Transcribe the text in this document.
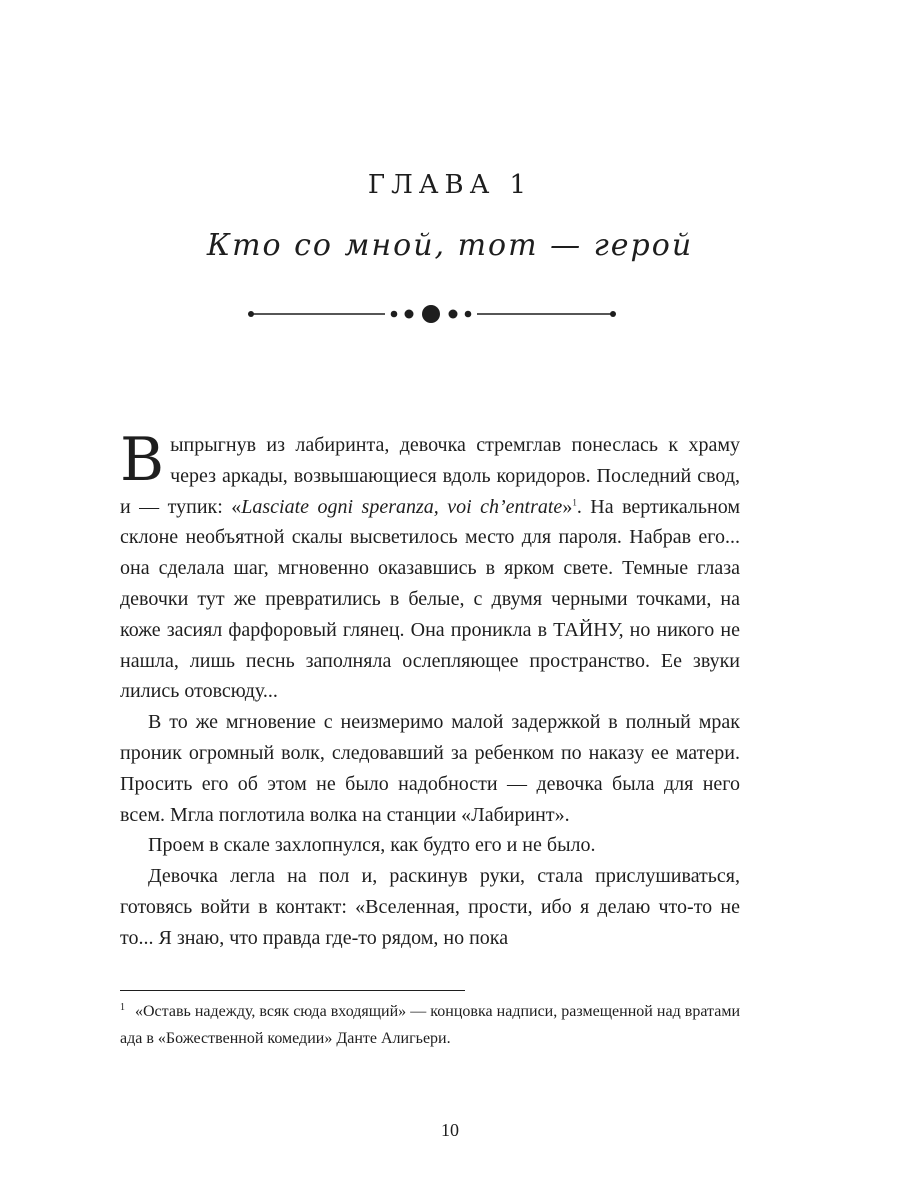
ГЛАВА 1
Кто со мной, тот — герой

Выпрыгнув из лабиринта, девочка стремглав понеслась к храму через аркады, возвышающиеся вдоль коридоров. Последний свод, и — тупик: «Lasciate ogni speranza, voi ch’entrate»$^1$. На вертикальном склоне необъятной скалы высветилось место для пароля. Набрав его... она сделала шаг, мгновенно оказавшись в ярком свете. Темные глаза девочки тут же превратились в белые, с двумя черными точками, на коже засиял фарфоровый глянец. Она проникла в ТАЙНУ, но никого не нашла, лишь песнь заполняла ослепляющее пространство. Ее звуки лились отовсюду...

В то же мгновение с неизмеримо малой задержкой в полный мрак проник огромный волк, следовавший за ребенком по наказу ее матери. Просить его об этом не было надобности — девочка была для него всем. Мгла поглотила волка на станции «Лабиринт».

Проем в скале захлопнулся, как будто его и не было.

Девочка легла на пол и, раскинув руки, стала прислушиваться, готовясь войти в контакт: «Вселенная, прости, ибо я делаю что-то не то... Я знаю, что правда где-то рядом, но пока

$^1$ «Оставь надежду, всяк сюда входящий» — концовка надписи, размещенной над вратами ада в «Божественной комедии» Данте Алигьери.
10
